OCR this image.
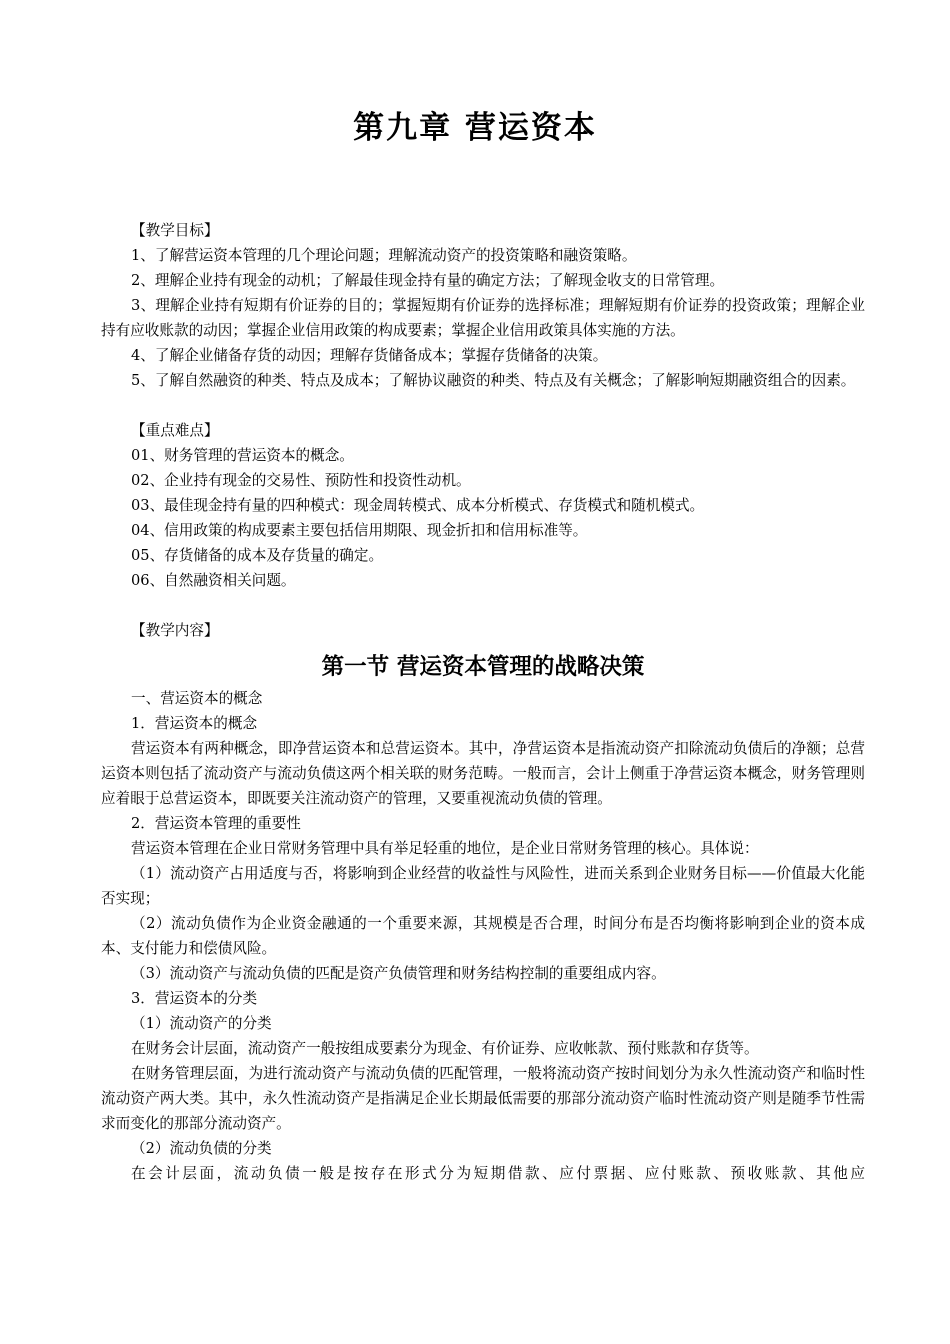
第九章 营运资本

【教学目标】

1、了解营运资本管理的几个理论问题；理解流动资产的投资策略和融资策略。

2、理解企业持有现金的动机；了解最佳现金持有量的确定方法；了解现金收支的日常管理。

3、理解企业持有短期有价证券的目的；掌握短期有价证券的选择标准；理解短期有价证券的投资政策；理解企业持有应收账款的动因；掌握企业信用政策的构成要素；掌握企业信用政策具体实施的方法。

4、了解企业储备存货的动因；理解存货储备成本；掌握存货储备的决策。

5、了解自然融资的种类、特点及成本；了解协议融资的种类、特点及有关概念；了解影响短期融资组合的因素。

【重点难点】

01、财务管理的营运资本的概念。

02、企业持有现金的交易性、预防性和投资性动机。

03、最佳现金持有量的四种模式：现金周转模式、成本分析模式、存货模式和随机模式。

04、信用政策的构成要素主要包括信用期限、现金折扣和信用标准等。

05、存货储备的成本及存货量的确定。

06、自然融资相关问题。

【教学内容】

第一节 营运资本管理的战略决策

一、营运资本的概念

1．营运资本的概念

营运资本有两种概念，即净营运资本和总营运资本。其中，净营运资本是指流动资产扣除流动负债后的净额；总营运资本则包括了流动资产与流动负债这两个相关联的财务范畴。一般而言，会计上侧重于净营运资本概念，财务管理则应着眼于总营运资本，即既要关注流动资产的管理，又要重视流动负债的管理。

2．营运资本管理的重要性

营运资本管理在企业日常财务管理中具有举足轻重的地位，是企业日常财务管理的核心。具体说：

（1）流动资产占用适度与否，将影响到企业经营的收益性与风险性，进而关系到企业财务目标——价值最大化能否实现；

（2）流动负债作为企业资金融通的一个重要来源，其规模是否合理，时间分布是否均衡将影响到企业的资本成本、支付能力和偿债风险。

（3）流动资产与流动负债的匹配是资产负债管理和财务结构控制的重要组成内容。

3．营运资本的分类

（1）流动资产的分类

在财务会计层面，流动资产一般按组成要素分为现金、有价证券、应收帐款、预付账款和存货等。

在财务管理层面，为进行流动资产与流动负债的匹配管理，一般将流动资产按时间划分为永久性流动资产和临时性流动资产两大类。其中，永久性流动资产是指满足企业长期最低需要的那部分流动资产临时性流动资产则是随季节性需求而变化的那部分流动资产。

（2）流动负债的分类

在会计层面，流动负债一般是按存在形式分为短期借款、应付票据、应付账款、预收账款、其他应
